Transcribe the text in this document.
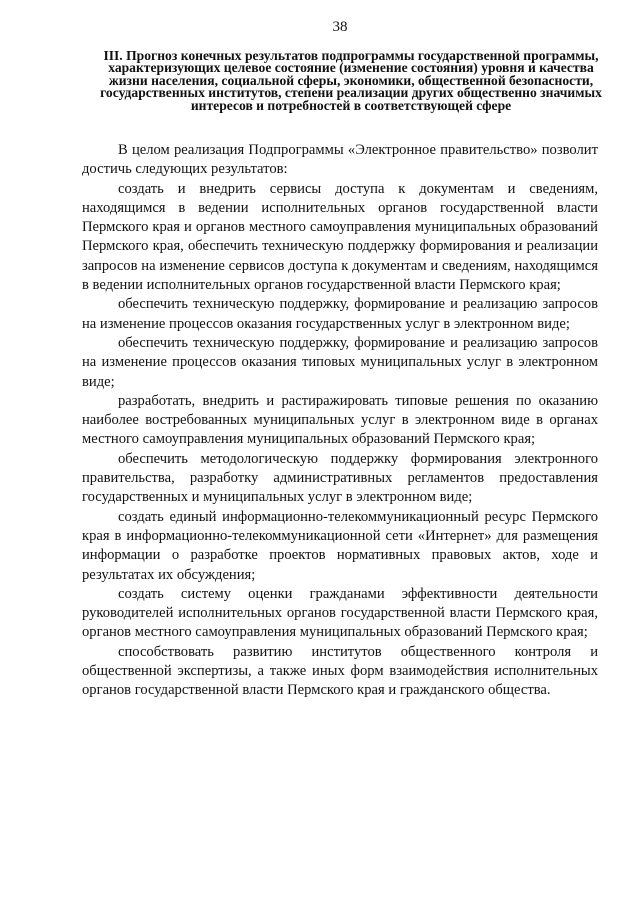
38
III. Прогноз конечных результатов подпрограммы государственной программы, характеризующих целевое состояние (изменение состояния) уровня и качества жизни населения, социальной сферы, экономики, общественной безопасности, государственных институтов, степени реализации других общественно значимых интересов и потребностей в соответствующей сфере

В целом реализация Подпрограммы «Электронное правительство» позволит достичь следующих результатов:

создать и внедрить сервисы доступа к документам и сведениям, находящимся в ведении исполнительных органов государственной власти Пермского края и органов местного самоуправления муниципальных образований Пермского края, обеспечить техническую поддержку формирования и реализации запросов на изменение сервисов доступа к документам и сведениям, находящимся в ведении исполнительных органов государственной власти Пермского края;

обеспечить техническую поддержку, формирование и реализацию запросов на изменение процессов оказания государственных услуг в электронном виде;

обеспечить техническую поддержку, формирование и реализацию запросов на изменение процессов оказания типовых муниципальных услуг в электронном виде;

разработать, внедрить и растиражировать типовые решения по оказанию наиболее востребованных муниципальных услуг в электронном виде в органах местного самоуправления муниципальных образований Пермского края;

обеспечить методологическую поддержку формирования электронного правительства, разработку административных регламентов предоставления государственных и муниципальных услуг в электронном виде;

создать единый информационно-телекоммуникационный ресурс Пермского края в информационно-телекоммуникационной сети «Интернет» для размещения информации о разработке проектов нормативных правовых актов, ходе и результатах их обсуждения;

создать систему оценки гражданами эффективности деятельности руководителей исполнительных органов государственной власти Пермского края, органов местного самоуправления муниципальных образований Пермского края;

способствовать развитию институтов общественного контроля и общественной экспертизы, а также иных форм взаимодействия исполнительных органов государственной власти Пермского края и гражданского общества.
